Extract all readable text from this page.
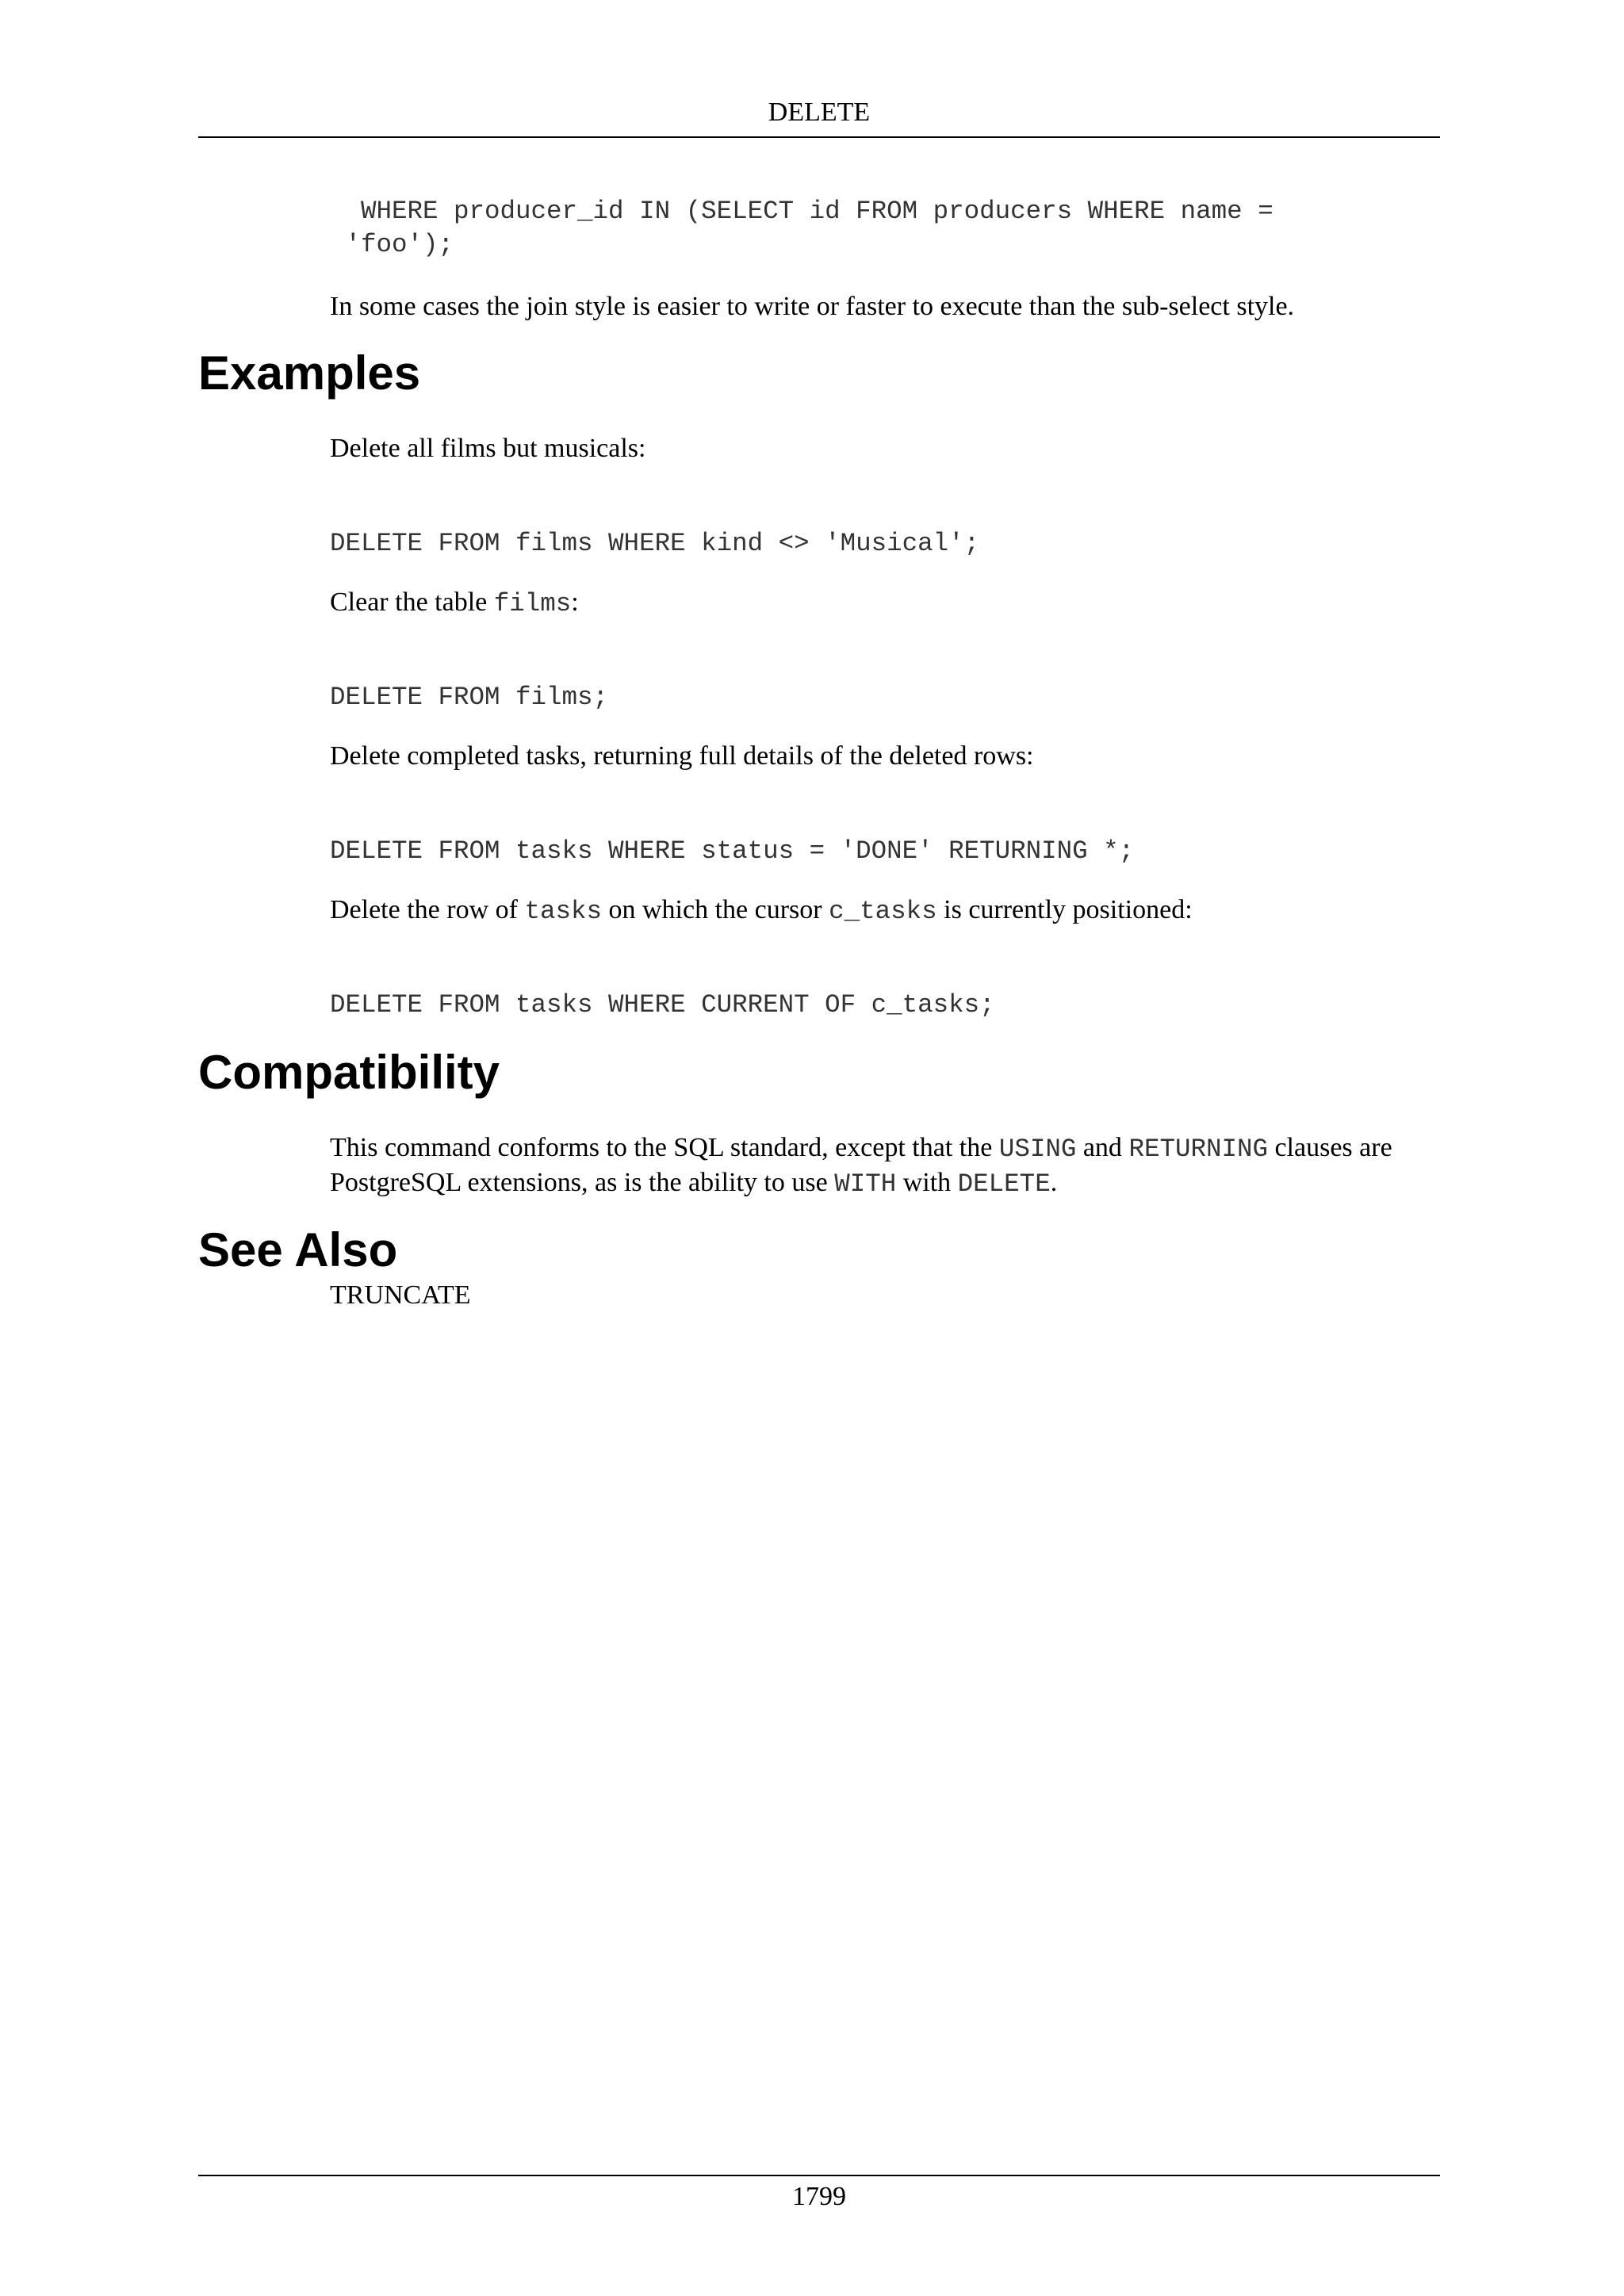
DELETE
WHERE producer_id IN (SELECT id FROM producers WHERE name =
'foo');
In some cases the join style is easier to write or faster to execute than the sub-select style.
Examples
Delete all films but musicals:
DELETE FROM films WHERE kind <> 'Musical';
Clear the table films:
DELETE FROM films;
Delete completed tasks, returning full details of the deleted rows:
DELETE FROM tasks WHERE status = 'DONE' RETURNING *;
Delete the row of tasks on which the cursor c_tasks is currently positioned:
DELETE FROM tasks WHERE CURRENT OF c_tasks;
Compatibility
This command conforms to the SQL standard, except that the USING and RETURNING clauses are PostgreSQL extensions, as is the ability to use WITH with DELETE.
See Also
TRUNCATE
1799
